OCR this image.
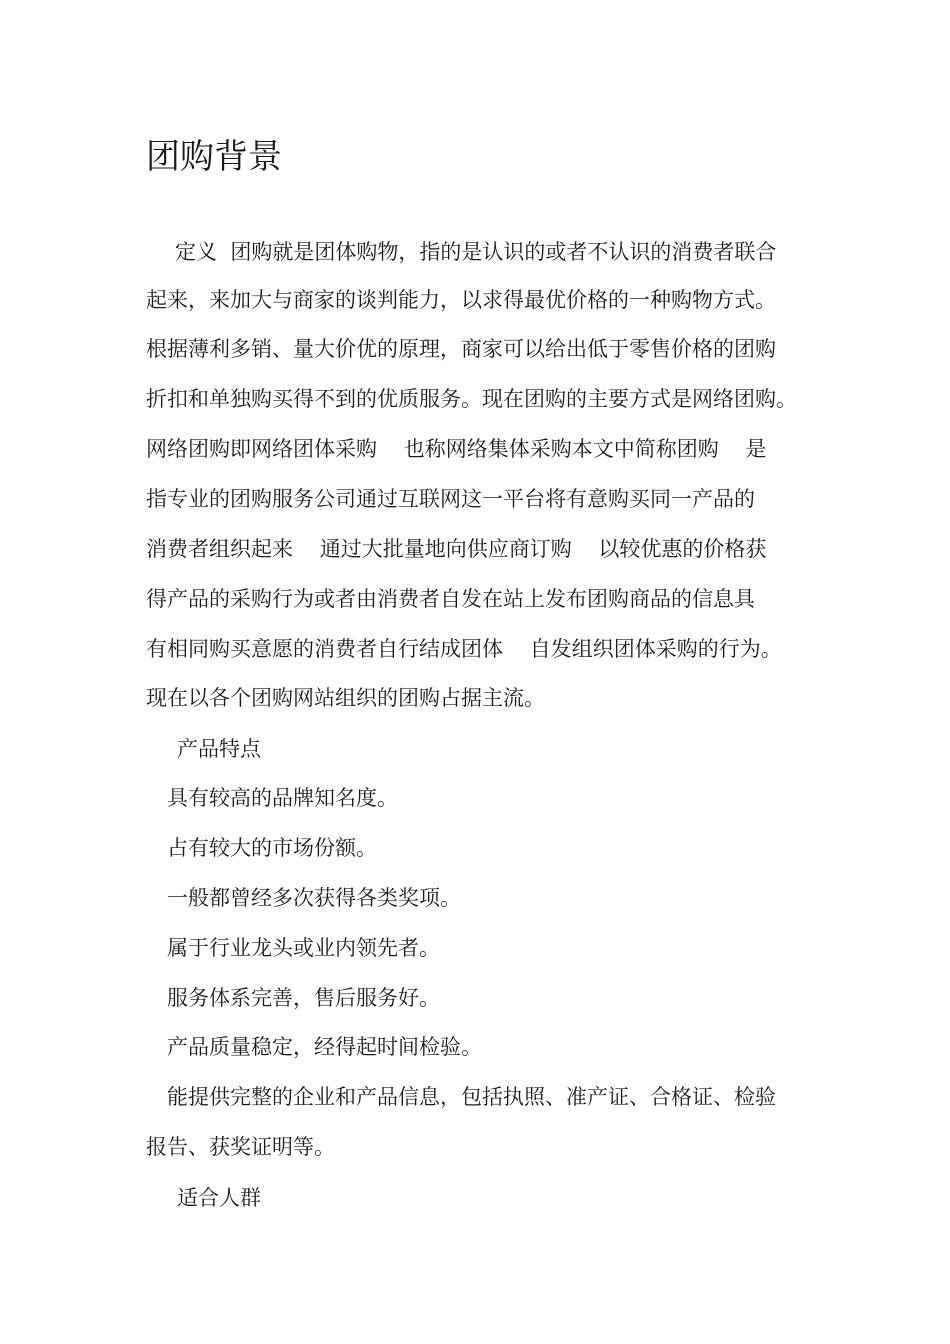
团购背景

定义  团购就是团体购物，指的是认识的或者不认识的消费者联合

起来，来加大与商家的谈判能力，以求得最优价格的一种购物方式。

根据薄利多销、量大价优的原理，商家可以给出低于零售价格的团购

折扣和单独购买得不到的优质服务。现在团购的主要方式是网络团购。

网络团购即网络团体采购    也称网络集体采购本文中简称团购    是

指专业的团购服务公司通过互联网这一平台将有意购买同一产品的

消费者组织起来    通过大批量地向供应商订购    以较优惠的价格获

得产品的采购行为或者由消费者自发在站上发布团购商品的信息具

有相同购买意愿的消费者自行结成团体    自发组织团体采购的行为。

现在以各个团购网站组织的团购占据主流。

产品特点

具有较高的品牌知名度。

占有较大的市场份额。

一般都曾经多次获得各类奖项。

属于行业龙头或业内领先者。

服务体系完善，售后服务好。

产品质量稳定，经得起时间检验。

能提供完整的企业和产品信息，包括执照、准产证、合格证、检验

报告、获奖证明等。

适合人群
